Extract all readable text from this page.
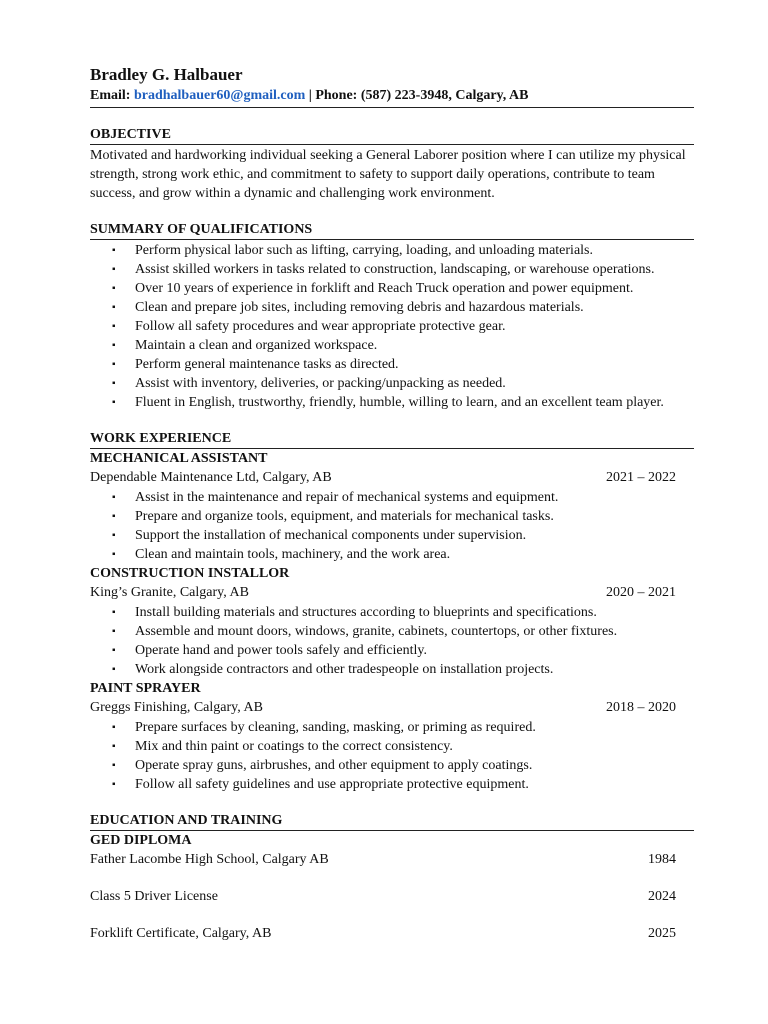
Bradley G. Halbauer
Email: bradhalbauer60@gmail.com | Phone: (587) 223-3948, Calgary, AB
OBJECTIVE

Motivated and hardworking individual seeking a General Laborer position where I can utilize my physical strength, strong work ethic, and commitment to safety to support daily operations, contribute to team success, and grow within a dynamic and challenging work environment.

SUMMARY OF QUALIFICATIONS
▪ Perform physical labor such as lifting, carrying, loading, and unloading materials.
▪ Assist skilled workers in tasks related to construction, landscaping, or warehouse operations.
▪ Over 10 years of experience in forklift and Reach Truck operation and power equipment.
▪ Clean and prepare job sites, including removing debris and hazardous materials.
▪ Follow all safety procedures and wear appropriate protective gear.
▪ Maintain a clean and organized workspace.
▪ Perform general maintenance tasks as directed.
▪ Assist with inventory, deliveries, or packing/unpacking as needed.
▪ Fluent in English, trustworthy, friendly, humble, willing to learn, and an excellent team player.
WORK EXPERIENCE
MECHANICAL ASSISTANT
Dependable Maintenance Ltd, Calgary, AB	2021 – 2022
▪ Assist in the maintenance and repair of mechanical systems and equipment.
▪ Prepare and organize tools, equipment, and materials for mechanical tasks.
▪ Support the installation of mechanical components under supervision.
▪ Clean and maintain tools, machinery, and the work area.
CONSTRUCTION INSTALLOR
King’s Granite, Calgary, AB	2020 – 2021
▪ Install building materials and structures according to blueprints and specifications.
▪ Assemble and mount doors, windows, granite, cabinets, countertops, or other fixtures.
▪ Operate hand and power tools safely and efficiently.
▪ Work alongside contractors and other tradespeople on installation projects.
PAINT SPRAYER
Greggs Finishing, Calgary, AB	2018 – 2020
▪ Prepare surfaces by cleaning, sanding, masking, or priming as required.
▪ Mix and thin paint or coatings to the correct consistency.
▪ Operate spray guns, airbrushes, and other equipment to apply coatings.
▪ Follow all safety guidelines and use appropriate protective equipment.
EDUCATION AND TRAINING
GED DIPLOMA
Father Lacombe High School, Calgary AB	1984
Class 5 Driver License	2024
Forklift Certificate, Calgary, AB	2025
